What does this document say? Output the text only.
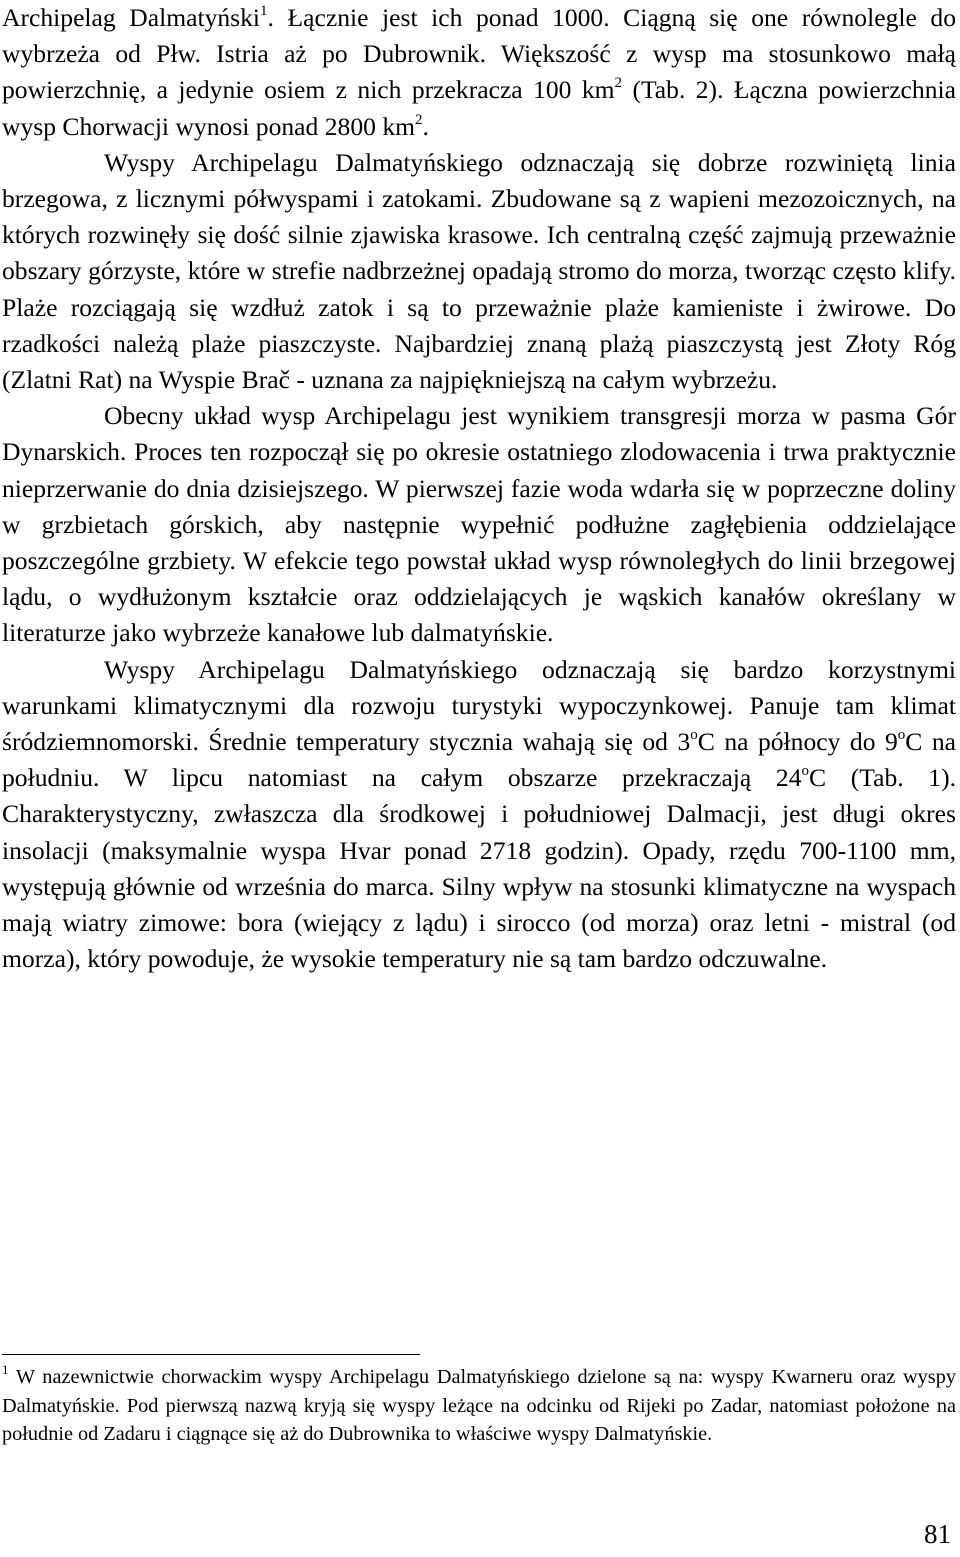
Archipelag Dalmatyński$^1$. Łącznie jest ich ponad 1000. Ciągną się one równolegle do wybrzeża od Płw. Istria aż po Dubrownik. Większość z wysp ma stosunkowo małą powierzchnię, a jedynie osiem z nich przekracza 100 $km^2$ (Tab. 2). Łączna powierzchnia wysp Chorwacji wynosi ponad 2800 $km^2$.

Wyspy Archipelagu Dalmatyńskiego odznaczają się dobrze rozwiniętą linia brzegowa, z licznymi półwyspami i zatokami. Zbudowane są z wapieni mezozoicznych, na których rozwinęły się dość silnie zjawiska krasowe. Ich centralną część zajmują przeważnie obszary górzyste, które w strefie nadbrzeżnej opadają stromo do morza, tworząc często klify. Plaże rozciągają się wzdłuż zatok i są to przeważnie plaże kamieniste i żwirowe. Do rzadkości należą plaże piaszczyste. Najbardziej znaną plażą piaszczystą jest Złoty Róg (Zlatni Rat) na Wyspie Brač - uznana za najpiękniejszą na całym wybrzeżu.

Obecny układ wysp Archipelagu jest wynikiem transgresji morza w pasma Gór Dynarskich. Proces ten rozpoczął się po okresie ostatniego zlodowacenia i trwa praktycznie nieprzerwanie do dnia dzisiejszego. W pierwszej fazie woda wdarła się w poprzeczne doliny w grzbietach górskich, aby następnie wypełnić podłużne zagłębienia oddzielające poszczególne grzbiety. W efekcie tego powstał układ wysp równoległych do linii brzegowej lądu, o wydłużonym kształcie oraz oddzielających je wąskich kanałów określany w literaturze jako wybrzeże kanałowe lub dalmatyńskie.

Wyspy Archipelagu Dalmatyńskiego odznaczają się bardzo korzystnymi warunkami klimatycznymi dla rozwoju turystyki wypoczynkowej. Panuje tam klimat śródziemnomorski. Średnie temperatury stycznia wahają się od 3$^o$C na północy do 9$^o$C na południu. W lipcu natomiast na całym obszarze przekraczają 24$^o$C (Tab. 1). Charakterystyczny, zwłaszcza dla środkowej i południowej Dalmacji, jest długi okres insolacji (maksymalnie wyspa Hvar ponad 2718 godzin). Opady, rzędu 700-1100 mm, występują głównie od września do marca. Silny wpływ na stosunki klimatyczne na wyspach mają wiatry zimowe: bora (wiejący z lądu) i sirocco (od morza) oraz letni - mistral (od morza), który powoduje, że wysokie temperatury nie są tam bardzo odczuwalne.

$^1$ W nazewnictwie chorwackim wyspy Archipelagu Dalmatyńskiego dzielone są na: wyspy Kwarneru oraz wyspy Dalmatyńskie. Pod pierwszą nazwą kryją się wyspy leżące na odcinku od Rijeki po Zadar, natomiast położone na południe od Zadaru i ciągnące się aż do Dubrownika to właściwe wyspy Dalmatyńskie.

81
